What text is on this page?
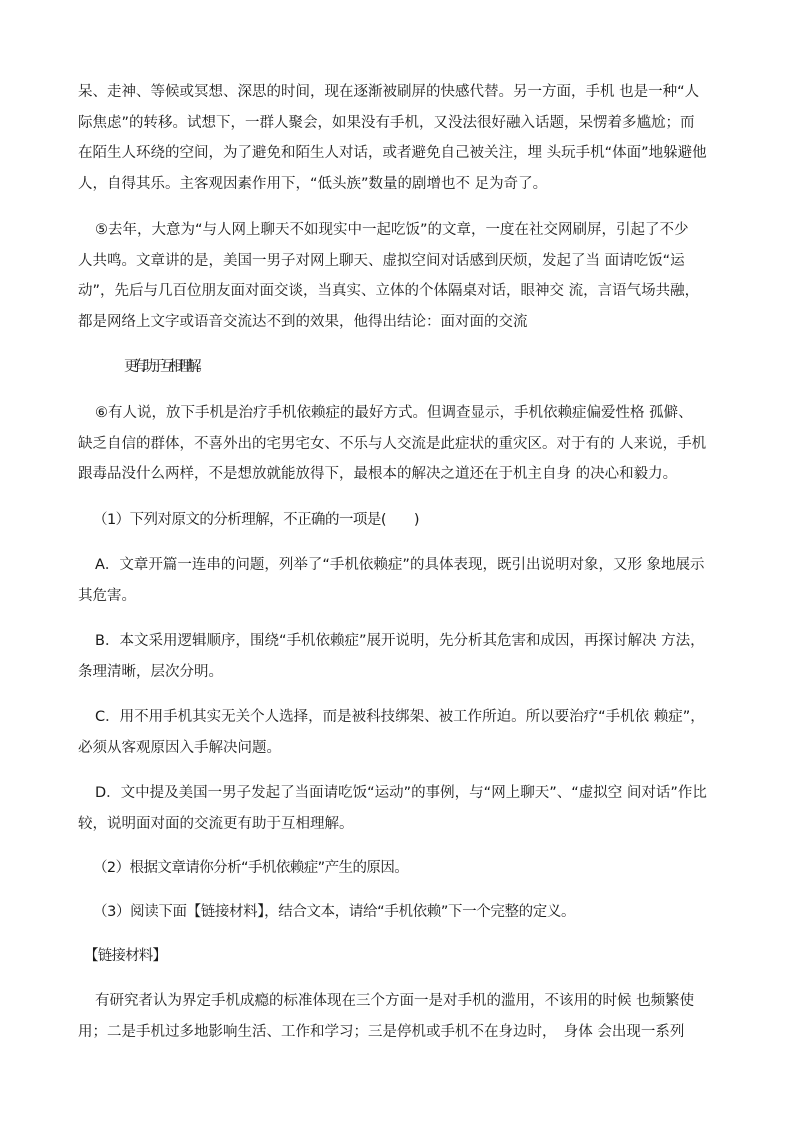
呆、走神、等候或冥想、深思的时间，现在逐渐被刷屏的快感代替。另一方面，手机 也是一种“人
际焦虑”的转移。试想下，一群人聚会，如果没有手机，又没法很好融入话题，呆愣着多尴尬；而
在陌生人环绕的空间，为了避免和陌生人对话，或者避免自己被关注，埋 头玩手机“体面”地躲避他
人，自得其乐。主客观因素作用下，“低头族”数量的剧增也不 足为奇了。

⑤去年，大意为“与人网上聊天不如现实中一起吃饭”的文章，一度在社交网刷屏，引起了不少
人共鸣。文章讲的是，美国一男子对网上聊天、虚拟空间对话感到厌烦，发起了当 面请吃饭“运
动”，先后与几百位朋友面对面交谈，当真实、立体的个体隔桌对话，眼神交 流，言语气场共融，
都是网络上文字或语音交流达不到的效果，他得出结论：面对面的交流

更有助于互相理解。

⑥有人说，放下手机是治疗手机依赖症的最好方式。但调查显示，手机依赖症偏爱性格 孤僻、
缺乏自信的群体，不喜外出的宅男宅女、不乐与人交流是此症状的重灾区。对于有的 人来说，手机
跟毒品没什么两样，不是想放就能放得下，最根本的解决之道还在于机主自身 的决心和毅力。

（1）下列对原文的分析理解，不正确的一项是(　　)

A．文章开篇一连串的问题，列举了“手机依赖症”的具体表现，既引出说明对象，又形 象地展示
其危害。

B．本文采用逻辑顺序，围绕“手机依赖症”展开说明，先分析其危害和成因，再探讨解决 方法，
条理清晰，层次分明。

C．用不用手机其实无关个人选择，而是被科技绑架、被工作所迫。所以要治疗“手机依 赖症”，
必须从客观原因入手解决问题。

D．文中提及美国一男子发起了当面请吃饭“运动”的事例，与“网上聊天”、“虚拟空 间对话”作比
较，说明面对面的交流更有助于互相理解。

（2）根据文章请你分析“手机依赖症”产生的原因。

（3）阅读下面【链接材料】，结合文本，请给“手机依赖”下一个完整的定义。

【链接材料】

有研究者认为界定手机成瘾的标准体现在三个方面一是对手机的滥用，不该用的时候 也频繁使
用；二是手机过多地影响生活、工作和学习；三是停机或手机不在身边时，　身体 会出现一系列
